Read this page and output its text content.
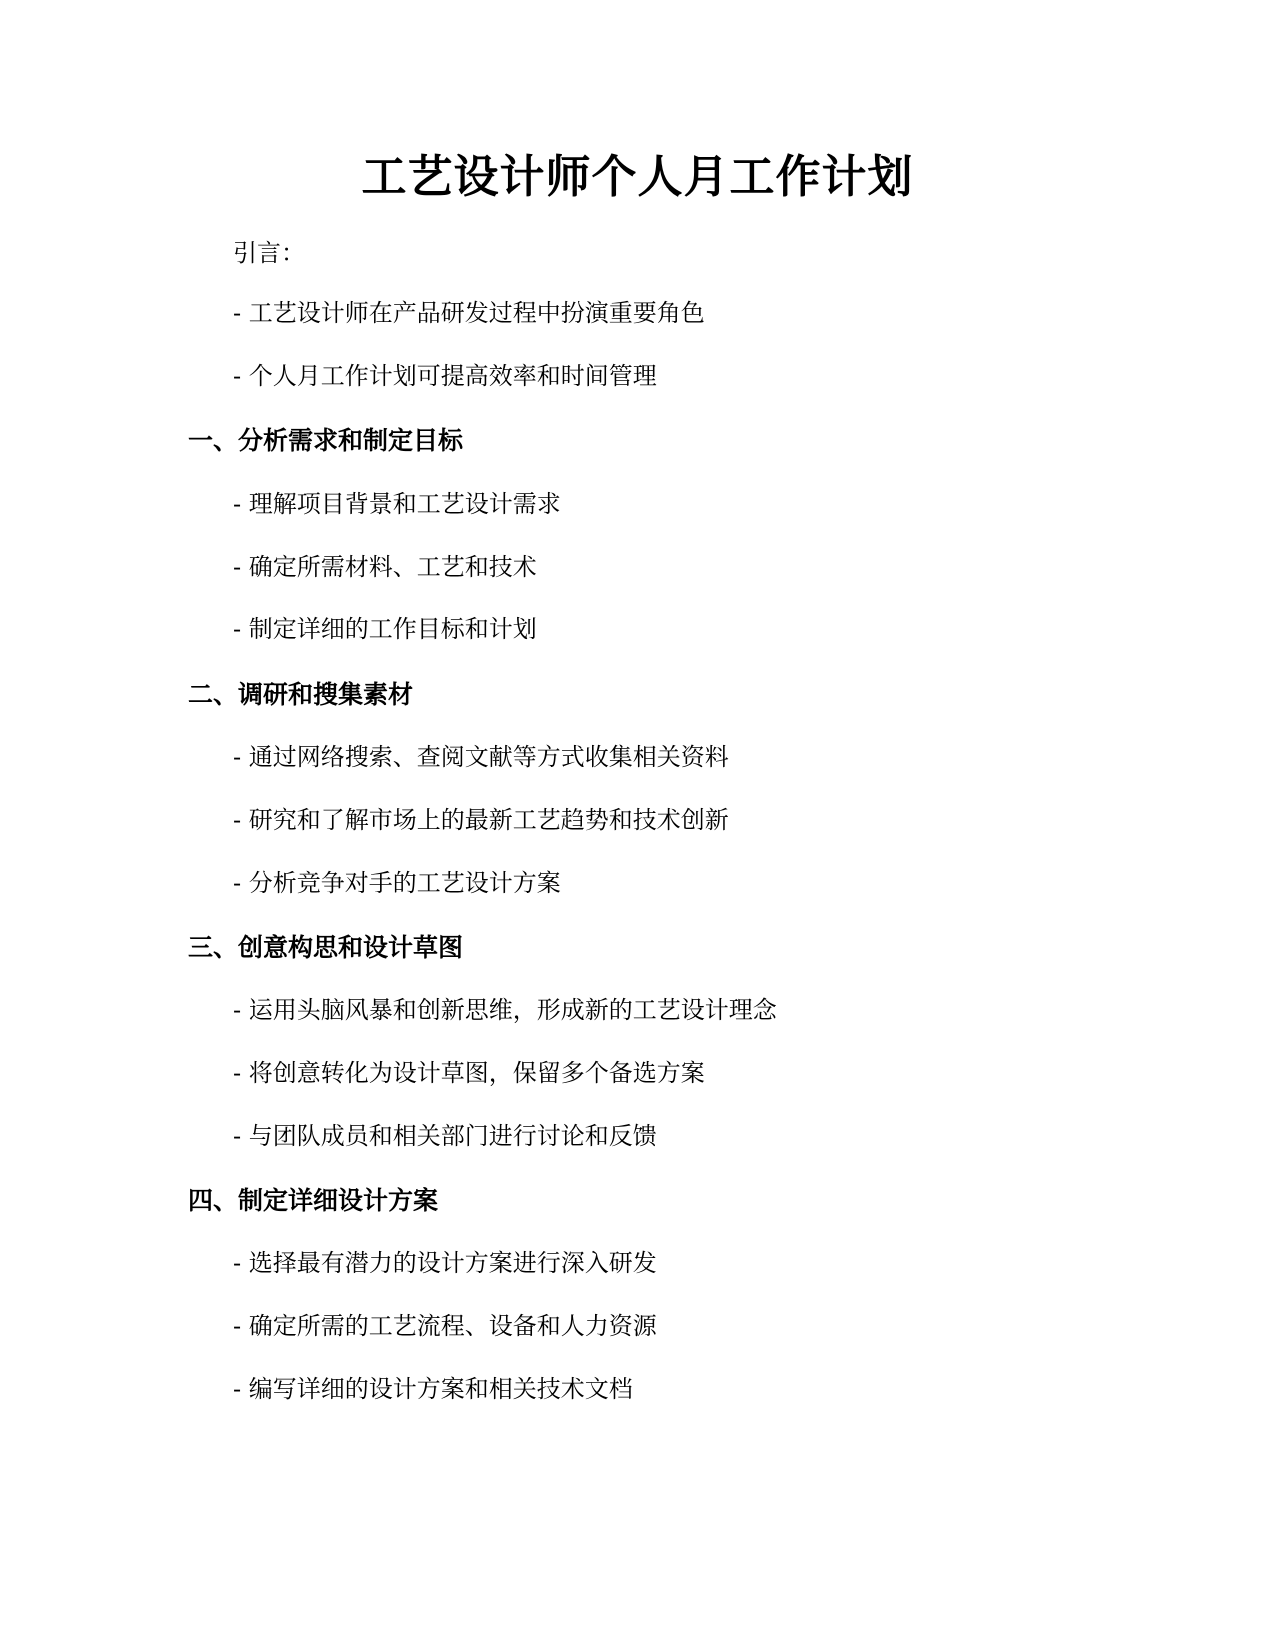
工艺设计师个人月工作计划

引言：

- 工艺设计师在产品研发过程中扮演重要角色

- 个人月工作计划可提高效率和时间管理

一、分析需求和制定目标

- 理解项目背景和工艺设计需求

- 确定所需材料、工艺和技术

- 制定详细的工作目标和计划

二、调研和搜集素材

- 通过网络搜索、查阅文献等方式收集相关资料

- 研究和了解市场上的最新工艺趋势和技术创新

- 分析竞争对手的工艺设计方案

三、创意构思和设计草图

- 运用头脑风暴和创新思维，形成新的工艺设计理念

- 将创意转化为设计草图，保留多个备选方案

- 与团队成员和相关部门进行讨论和反馈

四、制定详细设计方案

- 选择最有潜力的设计方案进行深入研发

- 确定所需的工艺流程、设备和人力资源

- 编写详细的设计方案和相关技术文档
